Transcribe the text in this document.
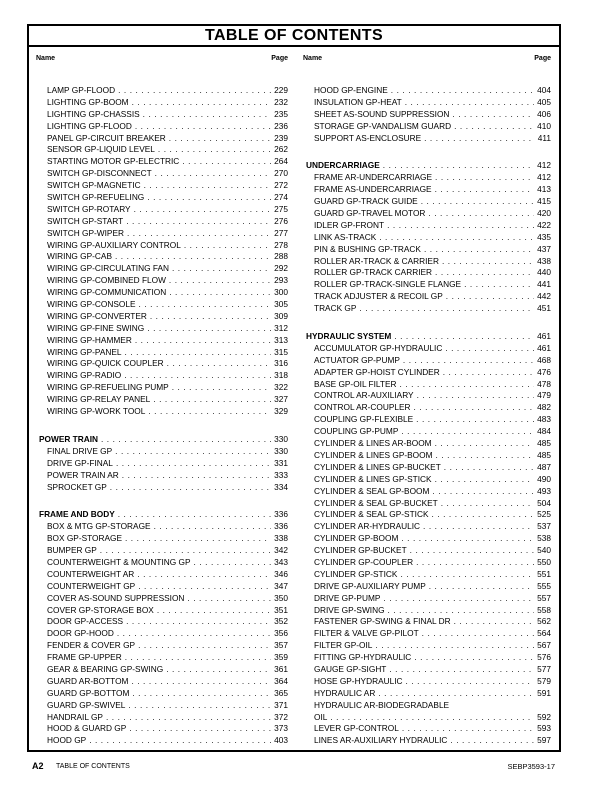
TABLE OF CONTENTS
Name	Page
LAMP GP-FLOOD . . .	229
LIGHTING GP-BOOM . . .	232
LIGHTING GP-CHASSIS . . .	235
LIGHTING GP-FLOOD . . .	236
PANEL GP-CIRCUIT BREAKER . . .	239
SENSOR GP-LIQUID LEVEL . . .	262
STARTING MOTOR GP-ELECTRIC . . .	264
SWITCH GP-DISCONNECT . . .	270
SWITCH GP-MAGNETIC . . .	272
SWITCH GP-REFUELING . . .	274
SWITCH GP-ROTARY . . .	275
SWITCH GP-START . . .	276
SWITCH GP-WIPER . . .	277
WIRING GP-AUXILIARY CONTROL . . .	278
WIRING GP-CAB . . .	288
WIRING GP-CIRCULATING FAN . . .	292
WIRING GP-COMBINED FLOW . . .	293
WIRING GP-COMMUNICATION . . .	300
WIRING GP-CONSOLE . . .	305
WIRING GP-CONVERTER . . .	309
WIRING GP-FINE SWING . . .	312
WIRING GP-HAMMER . . .	313
WIRING GP-PANEL . . .	315
WIRING GP-QUICK COUPLER . . .	316
WIRING GP-RADIO . . .	318
WIRING GP-REFUELING PUMP . . .	322
WIRING GP-RELAY PANEL . . .	327
WIRING GP-WORK TOOL . . .	329
POWER TRAIN . . .	330
FINAL DRIVE GP . . .	330
DRIVE GP-FINAL . . .	331
POWER TRAIN AR . . .	333
SPROCKET GP . . .	334
FRAME AND BODY . . .	336
BOX & MTG GP-STORAGE . . .	336
BOX GP-STORAGE . . .	338
BUMPER GP . . .	342
COUNTERWEIGHT & MOUNTING GP . . .	343
COUNTERWEIGHT AR . . .	346
COUNTERWEIGHT GP . . .	347
COVER AS-SOUND SUPPRESSION . . .	350
COVER GP-STORAGE BOX . . .	351
DOOR GP-ACCESS . . .	352
DOOR GP-HOOD . . .	356
FENDER & COVER GP . . .	357
FRAME GP-UPPER . . .	359
GEAR & BEARING GP-SWING . . .	361
GUARD AR-BOTTOM . . .	364
GUARD GP-BOTTOM . . .	365
GUARD GP-SWIVEL . . .	371
HANDRAIL GP . . .	372
HOOD & GUARD GP . . .	373
HOOD GP . . .	403
Name	Page
HOOD GP-ENGINE . . .	404
INSULATION GP-HEAT . . .	405
SHEET AS-SOUND SUPPRESSION . . .	406
STORAGE GP-VANDALISM GUARD . . .	410
SUPPORT AS-ENCLOSURE . . .	411
UNDERCARRIAGE . . .	412
FRAME AR-UNDERCARRIAGE . . .	412
FRAME AS-UNDERCARRIAGE . . .	413
GUARD GP-TRACK GUIDE . . .	415
GUARD GP-TRAVEL MOTOR . . .	420
IDLER GP-FRONT . . .	422
LINK AS-TRACK . . .	435
PIN & BUSHING GP-TRACK . . .	437
ROLLER AR-TRACK & CARRIER . . .	438
ROLLER GP-TRACK CARRIER . . .	440
ROLLER GP-TRACK-SINGLE FLANGE . . .	441
TRACK ADJUSTER & RECOIL GP . . .	442
TRACK GP . . .	451
HYDRAULIC SYSTEM . . .	461
ACCUMULATOR GP-HYDRAULIC . . .	461
ACTUATOR GP-PUMP . . .	468
ADAPTER GP-HOIST CYLINDER . . .	476
BASE GP-OIL FILTER . . .	478
CONTROL AR-AUXILIARY . . .	479
CONTROL AR-COUPLER . . .	482
COUPLING GP-FLEXIBLE . . .	483
COUPLING GP-PUMP . . .	484
CYLINDER & LINES AR-BOOM . . .	485
CYLINDER & LINES GP-BOOM . . .	485
CYLINDER & LINES GP-BUCKET . . .	487
CYLINDER & LINES GP-STICK . . .	490
CYLINDER & SEAL GP-BOOM . . .	493
CYLINDER & SEAL GP-BUCKET . . .	504
CYLINDER & SEAL GP-STICK . . .	525
CYLINDER AR-HYDRAULIC . . .	537
CYLINDER GP-BOOM . . .	538
CYLINDER GP-BUCKET . . .	540
CYLINDER GP-COUPLER . . .	550
CYLINDER GP-STICK . . .	551
DRIVE GP-AUXILIARY PUMP . . .	555
DRIVE GP-PUMP . . .	557
DRIVE GP-SWING . . .	558
FASTENER GP-SWING & FINAL DR . . .	562
FILTER & VALVE GP-PILOT . . .	564
FILTER GP-OIL . . .	567
FITTING GP-HYDRAULIC . . .	576
GAUGE GP-SIGHT . . .	577
HOSE GP-HYDRAULIC . . .	579
HYDRAULIC AR . . .	591
HYDRAULIC AR-BIODEGRADABLE
OIL . . .	592
LEVER GP-CONTROL . . .	593
LINES AR-AUXILIARY HYDRAULIC . . .	597
A2 TABLE OF CONTENTS	SEBP3593-17
